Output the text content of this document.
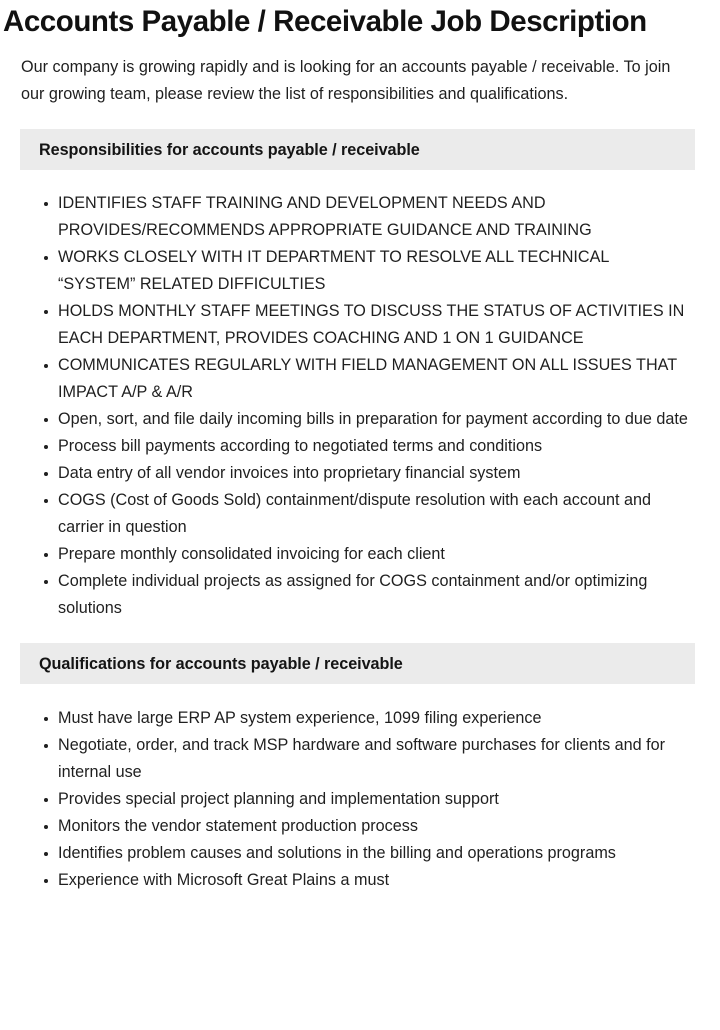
Accounts Payable / Receivable Job Description

Our company is growing rapidly and is looking for an accounts payable / receivable. To join our growing team, please review the list of responsibilities and qualifications.

Responsibilities for accounts payable / receivable
IDENTIFIES STAFF TRAINING AND DEVELOPMENT NEEDS AND PROVIDES/RECOMMENDS APPROPRIATE GUIDANCE AND TRAINING
WORKS CLOSELY WITH IT DEPARTMENT TO RESOLVE ALL TECHNICAL “SYSTEM” RELATED DIFFICULTIES
HOLDS MONTHLY STAFF MEETINGS TO DISCUSS THE STATUS OF ACTIVITIES IN EACH DEPARTMENT, PROVIDES COACHING AND 1 ON 1 GUIDANCE
COMMUNICATES REGULARLY WITH FIELD MANAGEMENT ON ALL ISSUES THAT IMPACT A/P & A/R
Open, sort, and file daily incoming bills in preparation for payment according to due date
Process bill payments according to negotiated terms and conditions
Data entry of all vendor invoices into proprietary financial system
COGS (Cost of Goods Sold) containment/dispute resolution with each account and carrier in question
Prepare monthly consolidated invoicing for each client
Complete individual projects as assigned for COGS containment and/or optimizing solutions
Qualifications for accounts payable / receivable
Must have large ERP AP system experience, 1099 filing experience
Negotiate, order, and track MSP hardware and software purchases for clients and for internal use
Provides special project planning and implementation support
Monitors the vendor statement production process
Identifies problem causes and solutions in the billing and operations programs
Experience with Microsoft Great Plains a must
